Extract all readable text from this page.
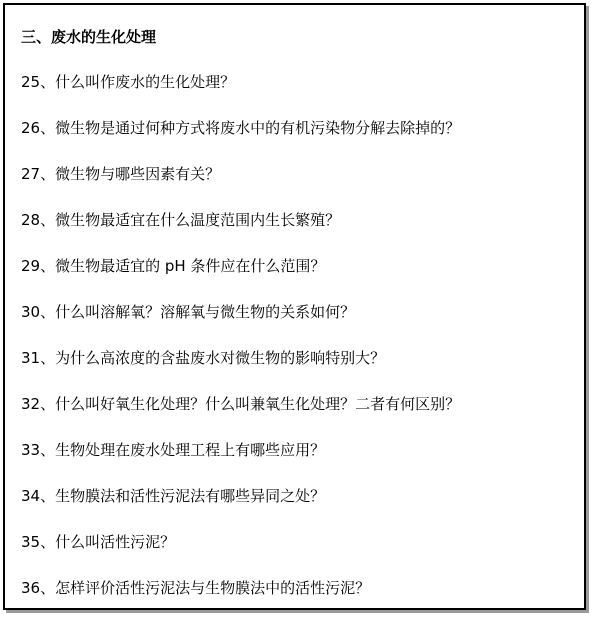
三、废水的生化处理
25、什么叫作废水的生化处理？
26、微生物是通过何种方式将废水中的有机污染物分解去除掉的？
27、微生物与哪些因素有关？
28、微生物最适宜在什么温度范围内生长繁殖？
29、微生物最适宜的 pH 条件应在什么范围？
30、什么叫溶解氧？溶解氧与微生物的关系如何？
31、为什么高浓度的含盐废水对微生物的影响特别大？
32、什么叫好氧生化处理？什么叫兼氧生化处理？二者有何区别？
33、生物处理在废水处理工程上有哪些应用？
34、生物膜法和活性污泥法有哪些异同之处？
35、什么叫活性污泥？
36、怎样评价活性污泥法与生物膜法中的活性污泥？
